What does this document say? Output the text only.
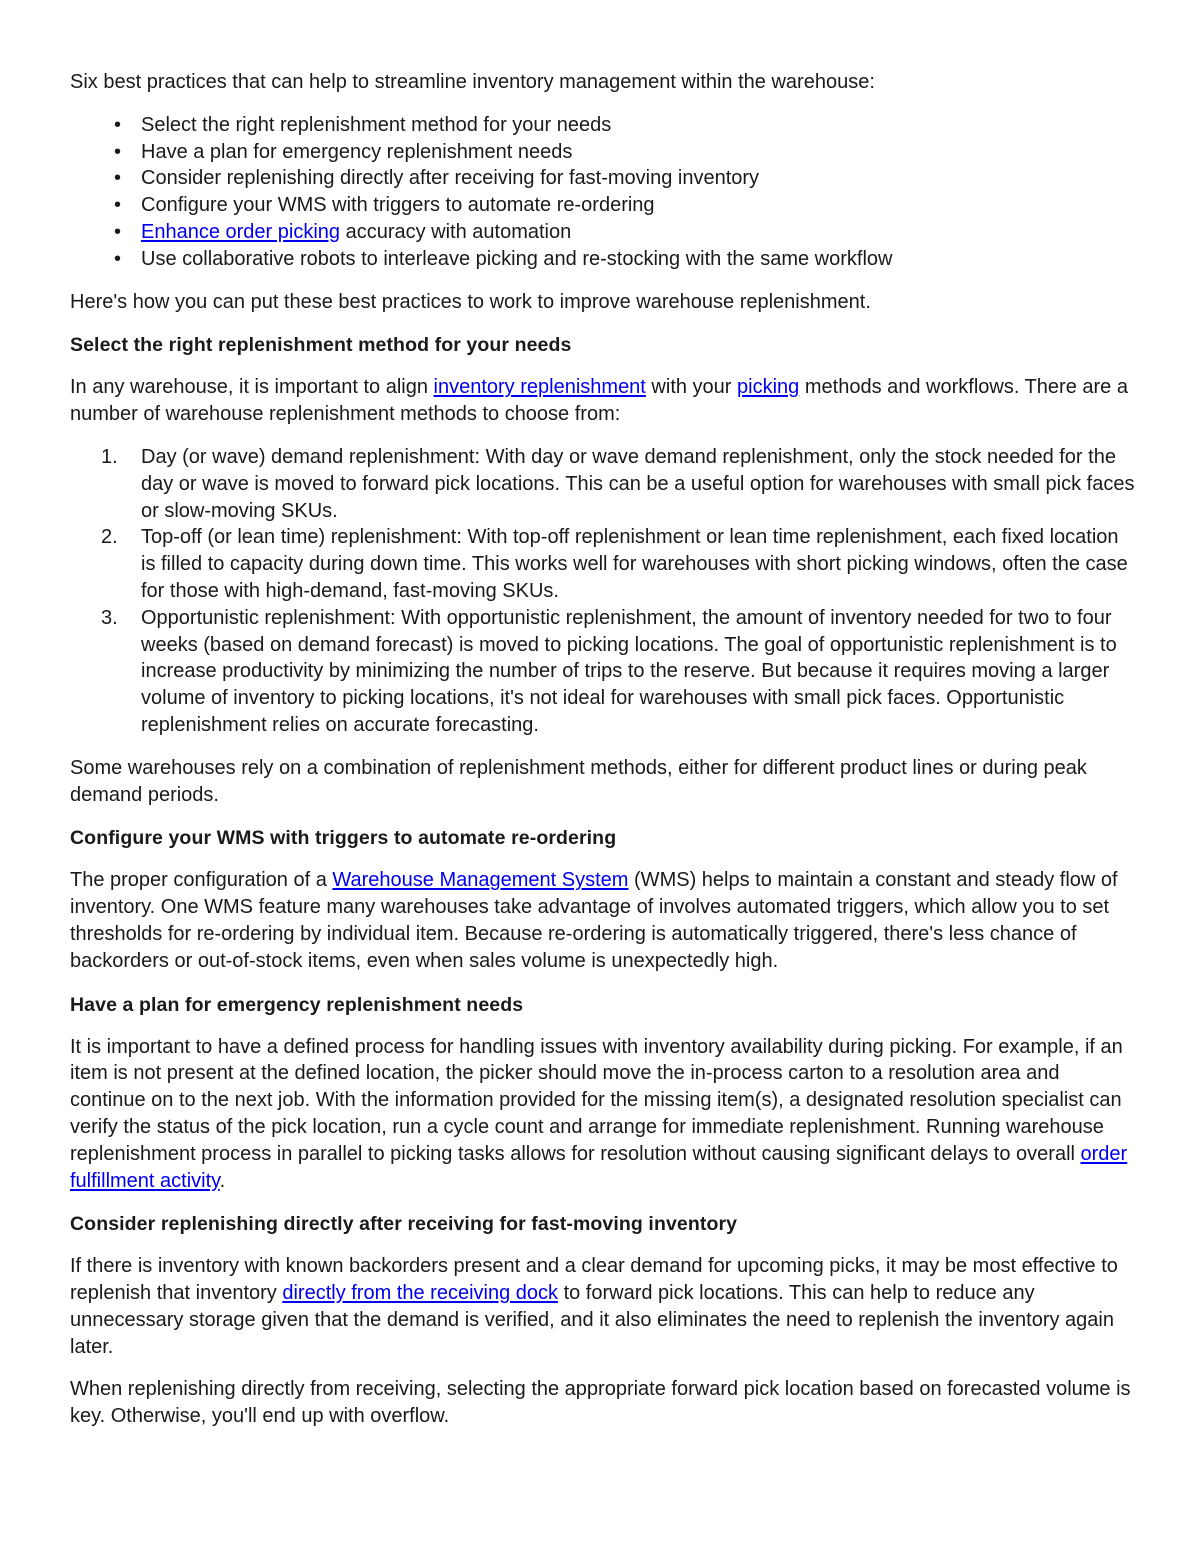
Six best practices that can help to streamline inventory management within the warehouse:

• Select the right replenishment method for your needs
• Have a plan for emergency replenishment needs
• Consider replenishing directly after receiving for fast-moving inventory
• Configure your WMS with triggers to automate re-ordering
• Enhance order picking accuracy with automation
• Use collaborative robots to interleave picking and re-stocking with the same workflow

Here's how you can put these best practices to work to improve warehouse replenishment.

Select the right replenishment method for your needs

In any warehouse, it is important to align inventory replenishment with your picking methods and workflows. There are a number of warehouse replenishment methods to choose from:

1.	Day (or wave) demand replenishment: With day or wave demand replenishment, only the stock needed for the day or wave is moved to forward pick locations. This can be a useful option for warehouses with small pick faces or slow-moving SKUs.
2.	Top-off (or lean time) replenishment: With top-off replenishment or lean time replenishment, each fixed location is filled to capacity during down time. This works well for warehouses with short picking windows, often the case for those with high-demand, fast-moving SKUs.
3.	Opportunistic replenishment: With opportunistic replenishment, the amount of inventory needed for two to four weeks (based on demand forecast) is moved to picking locations. The goal of opportunistic replenishment is to increase productivity by minimizing the number of trips to the reserve. But because it requires moving a larger volume of inventory to picking locations, it's not ideal for warehouses with small pick faces. Opportunistic replenishment relies on accurate forecasting.

Some warehouses rely on a combination of replenishment methods, either for different product lines or during peak demand periods.

Configure your WMS with triggers to automate re-ordering

The proper configuration of a Warehouse Management System (WMS) helps to maintain a constant and steady flow of inventory. One WMS feature many warehouses take advantage of involves automated triggers, which allow you to set thresholds for re-ordering by individual item. Because re-ordering is automatically triggered, there's less chance of backorders or out-of-stock items, even when sales volume is unexpectedly high.

Have a plan for emergency replenishment needs

It is important to have a defined process for handling issues with inventory availability during picking. For example, if an item is not present at the defined location, the picker should move the in-process carton to a resolution area and continue on to the next job. With the information provided for the missing item(s), a designated resolution specialist can verify the status of the pick location, run a cycle count and arrange for immediate replenishment. Running warehouse replenishment process in parallel to picking tasks allows for resolution without causing significant delays to overall order fulfillment activity.

Consider replenishing directly after receiving for fast-moving inventory

If there is inventory with known backorders present and a clear demand for upcoming picks, it may be most effective to replenish that inventory directly from the receiving dock to forward pick locations. This can help to reduce any unnecessary storage given that the demand is verified, and it also eliminates the need to replenish the inventory again later.

When replenishing directly from receiving, selecting the appropriate forward pick location based on forecasted volume is key. Otherwise, you'll end up with overflow.
